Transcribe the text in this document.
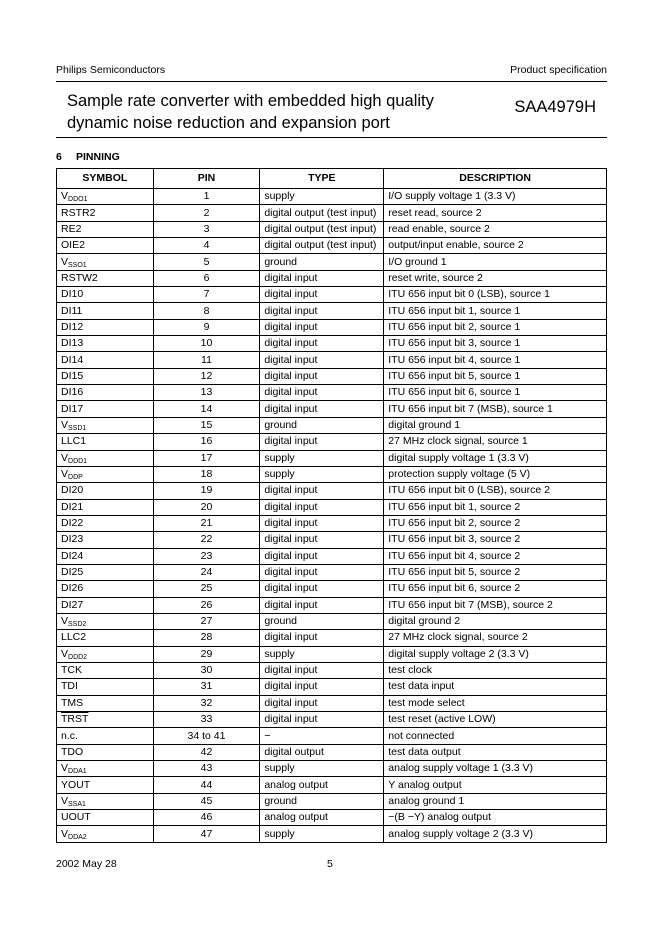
Philips Semiconductors	Product specification
Sample rate converter with embedded high quality dynamic noise reduction and expansion port
SAA4979H
6 PINNING
SYMBOL	PIN	TYPE	DESCRIPTION
$V_{DDO1}$	1	supply	I/O supply voltage 1 (3.3 V)
RSTR2	2	digital output (test input)	reset read, source 2
RE2	3	digital output (test input)	read enable, source 2
OIE2	4	digital output (test input)	output/input enable, source 2
$V_{SSO1}$	5	ground	I/O ground 1
RSTW2	6	digital input	reset write, source 2
DI10	7	digital input	ITU 656 input bit 0 (LSB), source 1
DI11	8	digital input	ITU 656 input bit 1, source 1
DI12	9	digital input	ITU 656 input bit 2, source 1
DI13	10	digital input	ITU 656 input bit 3, source 1
DI14	11	digital input	ITU 656 input bit 4, source 1
DI15	12	digital input	ITU 656 input bit 5, source 1
DI16	13	digital input	ITU 656 input bit 6, source 1
DI17	14	digital input	ITU 656 input bit 7 (MSB), source 1
$V_{SSD1}$	15	ground	digital ground 1
LLC1	16	digital input	27 MHz clock signal, source 1
$V_{DDD1}$	17	supply	digital supply voltage 1 (3.3 V)
$V_{DDP}$	18	supply	protection supply voltage (5 V)
DI20	19	digital input	ITU 656 input bit 0 (LSB), source 2
DI21	20	digital input	ITU 656 input bit 1, source 2
DI22	21	digital input	ITU 656 input bit 2, source 2
DI23	22	digital input	ITU 656 input bit 3, source 2
DI24	23	digital input	ITU 656 input bit 4, source 2
DI25	24	digital input	ITU 656 input bit 5, source 2
DI26	25	digital input	ITU 656 input bit 6, source 2
DI27	26	digital input	ITU 656 input bit 7 (MSB), source 2
$V_{SSD2}$	27	ground	digital ground 2
LLC2	28	digital input	27 MHz clock signal, source 2
$V_{DDD2}$	29	supply	digital supply voltage 2 (3.3 V)
TCK	30	digital input	test clock
TDI	31	digital input	test data input
TMS	32	digital input	test mode select
TRST	33	digital input	test reset (active LOW)
n.c.	34 to 41	−	not connected
TDO	42	digital output	test data output
$V_{DDA1}$	43	supply	analog supply voltage 1 (3.3 V)
YOUT	44	analog output	Y analog output
$V_{SSA1}$	45	ground	analog ground 1
UOUT	46	analog output	−(B −Y) analog output
$V_{DDA2}$	47	supply	analog supply voltage 2 (3.3 V)
2002 May 28	5
